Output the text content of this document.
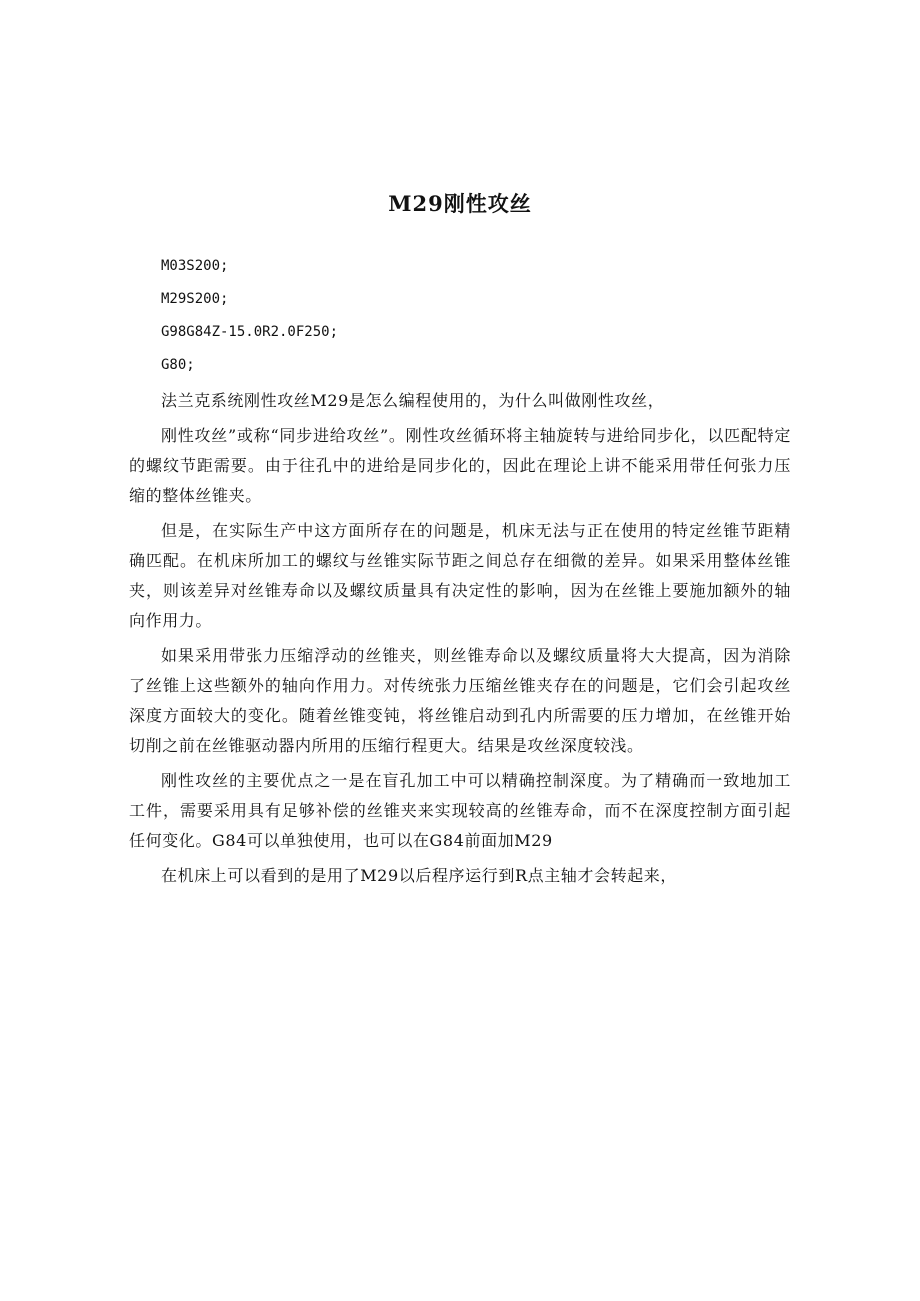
M29刚性攻丝
M03S200;
M29S200;
G98G84Z-15.0R2.0F250;
G80;

法兰克系统刚性攻丝M29是怎么编程使用的，为什么叫做刚性攻丝，

刚性攻丝”或称“同步进给攻丝”。刚性攻丝循环将主轴旋转与进给同步化，以匹配特定的螺纹节距需要。由于往孔中的进给是同步化的，因此在理论上讲不能采用带任何张力压缩的整体丝锥夹。

但是，在实际生产中这方面所存在的问题是，机床无法与正在使用的特定丝锥节距精确匹配。在机床所加工的螺纹与丝锥实际节距之间总存在细微的差异。如果采用整体丝锥夹，则该差异对丝锥寿命以及螺纹质量具有决定性的影响，因为在丝锥上要施加额外的轴向作用力。

如果采用带张力压缩浮动的丝锥夹，则丝锥寿命以及螺纹质量将大大提高，因为消除了丝锥上这些额外的轴向作用力。对传统张力压缩丝锥夹存在的问题是，它们会引起攻丝深度方面较大的变化。随着丝锥变钝，将丝锥启动到孔内所需要的压力增加，在丝锥开始切削之前在丝锥驱动器内所用的压缩行程更大。结果是攻丝深度较浅。

刚性攻丝的主要优点之一是在盲孔加工中可以精确控制深度。为了精确而一致地加工工件，需要采用具有足够补偿的丝锥夹来实现较高的丝锥寿命，而不在深度控制方面引起任何变化。G84可以单独使用，也可以在G84前面加M29

在机床上可以看到的是用了M29以后程序运行到R点主轴才会转起来，
